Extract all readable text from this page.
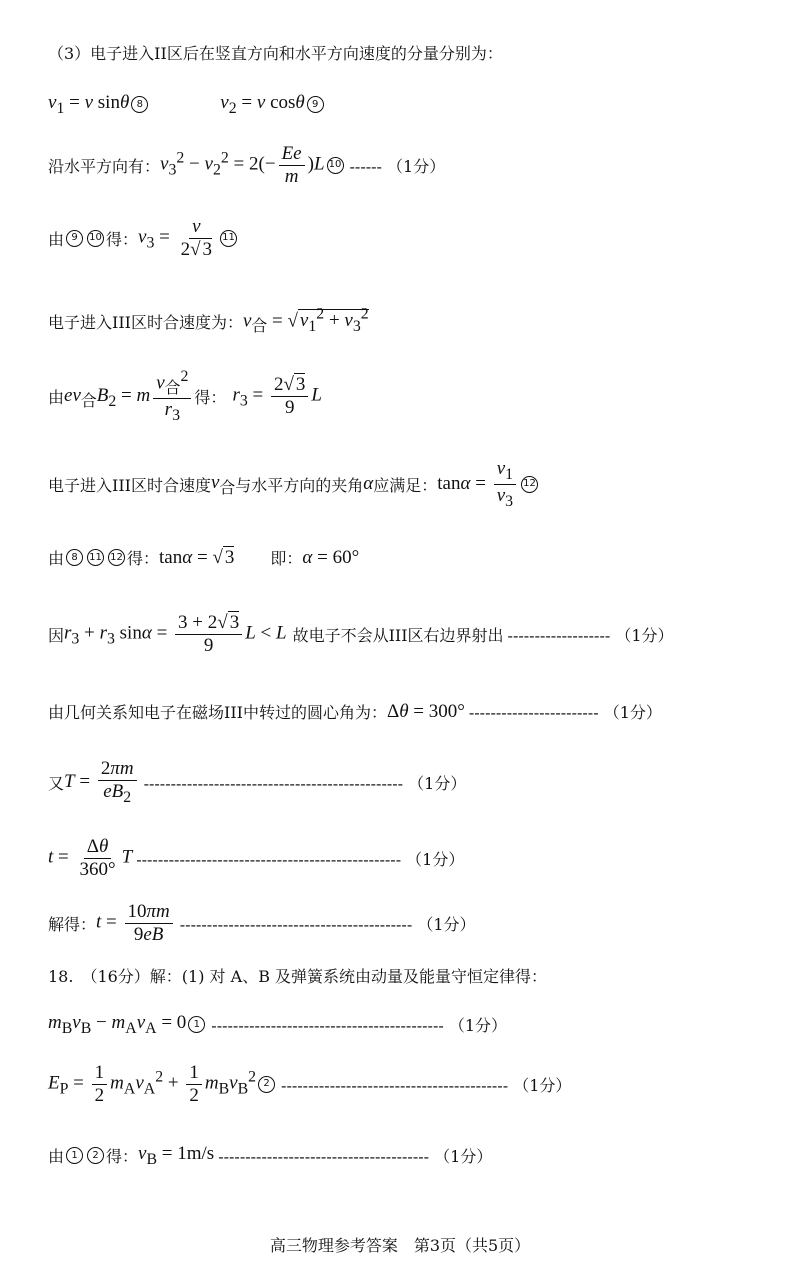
（3）电子进入II区后在竖直方向和水平方向速度的分量分别为：
$v_1 = v$ sinθ 8	$v_2 = v$ cosθ 9
沿水平方向有： $v_3^2 - v_2^2 = 2(- \frac{Ee}{m} )L$ 10 ------ （1分）
由 9	10 得： $v_3 = \frac{v}{2√ 3} 11$
电子进入III区时合速度为： $v_合$ = √ $v_1^2 + v_3^2$
由 $ev_合B_2 = m \frac{v_合^2}{r_3}$ 得： $r_3 = \frac{2√ 3}{9}$ L
电子进入III区时合速度 $v_合$ 与水平方向的夹角 α 应满足： $\tan\alpha = \frac{v_1}{v_3} 12$
由 8	11 12 得： tanα = √ 3 即： α = 60°
因 $r_3 + r_3$ $\sin\alpha = \frac{3 + 2√ 3}{9}$ L < L 故电子不会从III区右边界射出 ------------------- （1分）
由几何关系知电子在磁场III中转过的圆心角为： Δθ = 300° ------------------------ （1分）
又 $T = \frac{2\pi m}{eB_2}$ ------------------------------------------------ （1分）
$t = \frac{\Delta\theta}{360^\circ}$ T ------------------------------------------------- （1分）
解得： $t = \frac{10\pi m}{9eB}$ ------------------------------------------- （1分）
18.　（16分）解：(1) 对 A、B 及弹簧系统由动量及能量守恒定律得：
$m_Bv_B - m_Av_A = 0$ 1 ------------------------------------------- （1分）
$E_P = \frac{1}{2} m_Av_A^2 + \frac{1}{2} m_Bv_B^2$ 2 ------------------------------------------ （1分）
由 1	2 得： $v_B = 1m/s$ --------------------------------------- （1分）
高三物理参考答案　第3页（共5页）
